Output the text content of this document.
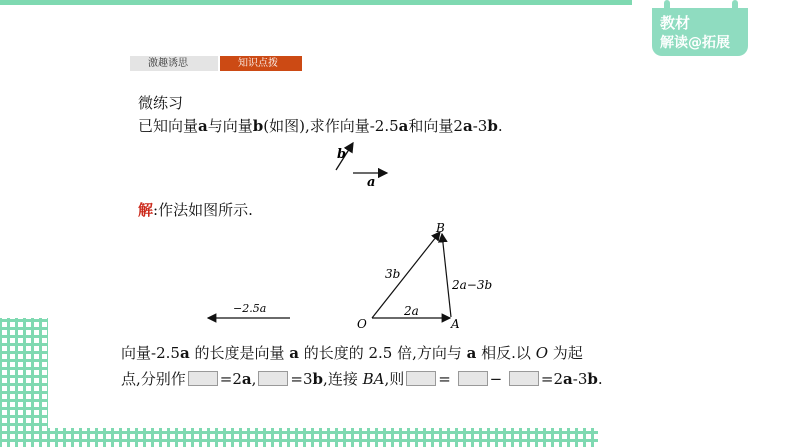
教材
解读@拓展
激趣诱思	知识点拨
微练习
已知向量a与向量b(如图),求作向量-2.5a和向量2a-3b.
b
a
解:作法如图所示.
−2.5a
O	A
B
3b
2a
2a−3b
向量-2.5a 的长度是向量 a 的长度的 2.5 倍,方向与 a 相反.以 O 为起
点,分别作 =2a, =3b,连接 BA,则 = − =2a-3b.
